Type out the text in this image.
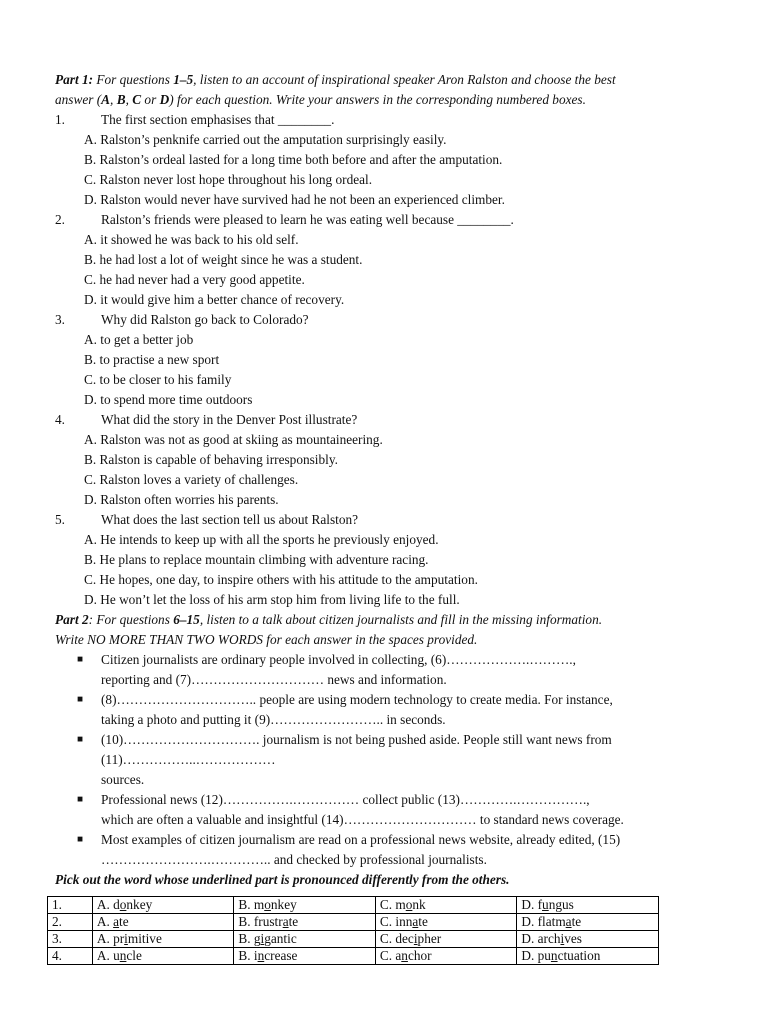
Part 1: For questions 1–5, listen to an account of inspirational speaker Aron Ralston and choose the best
answer (A, B, C or D) for each question. Write your answers in the corresponding numbered boxes.
1.	The first section emphasises that ________.
A. Ralston’s penknife carried out the amputation surprisingly easily.
B. Ralston’s ordeal lasted for a long time both before and after the amputation.
C. Ralston never lost hope throughout his long ordeal.
D. Ralston would never have survived had he not been an experienced climber.
2.	Ralston’s friends were pleased to learn he was eating well because ________.
A. it showed he was back to his old self.
B. he had lost a lot of weight since he was a student.
C. he had never had a very good appetite.
D. it would give him a better chance of recovery.
3.	Why did Ralston go back to Colorado?
A. to get a better job
B. to practise a new sport
C. to be closer to his family
D. to spend more time outdoors
4.	What did the story in the Denver Post illustrate?
A. Ralston was not as good at skiing as mountaineering.
B. Ralston is capable of behaving irresponsibly.
C. Ralston loves a variety of challenges.
D. Ralston often worries his parents.
5.	What does the last section tell us about Ralston?
A. He intends to keep up with all the sports he previously enjoyed.
B. He plans to replace mountain climbing with adventure racing.
C. He hopes, one day, to inspire others with his attitude to the amputation.
D. He won’t let the loss of his arm stop him from living life to the full.
Part 2: For questions 6–15, listen to a talk about citizen journalists and fill in the missing information.
Write NO MORE THAN TWO WORDS for each answer in the spaces provided.
■ Citizen journalists are ordinary people involved in collecting, (6)……………….……….,
reporting and (7)………………………… news and information.
■ (8)………………………….. people are using modern technology to create media. For instance,
taking a photo and putting it (9)…………………….. in seconds.
■ (10)…………………………. journalism is not being pushed aside. People still want news from
(11)……………..………………
sources.
■ Professional news (12)…………….…………… collect public (13)………….…………….,
which are often a valuable and insightful (14)………………………… to standard news coverage.
■ Most examples of citizen journalism are read on a professional news website, already edited, (15)
…………………….………….. and checked by professional journalists.
Pick out the word whose underlined part is pronounced differently from the others.
1.	A. donkey	B. monkey	C. monk	D. fungus
2.	A. ate	B. frustrate	C. innate	D. flatmate
3.	A. primitive	B. gigantic	C. decipher	D. archives
4.	A. uncle	B. increase	C. anchor	D. punctuation
